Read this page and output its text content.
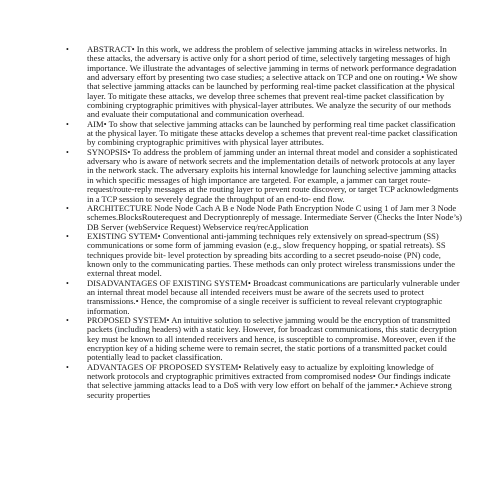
• ABSTRACT• In this work, we address the problem of selective jamming attacks in wireless networks. In these attacks, the adversary is active only for a short period of time, selectively targeting messages of high importance. We illustrate the advantages of selective jamming in terms of network performance degradation and adversary effort by presenting two case studies; a selective attack on TCP and one on routing.• We show that selective jamming attacks can be launched by performing real-time packet classification at the physical layer. To mitigate these attacks, we develop three schemes that prevent real-time packet classification by combining cryptographic primitives with physical-layer attributes. We analyze the security of our methods and evaluate their computational and communication overhead.
• AIM• To show that selective jamming attacks can be launched by performing real time packet classification at the physical layer. To mitigate these attacks develop a schemes that prevent real-time packet classification by combining cryptographic primitives with physical layer attributes.
• SYNOPSIS• To address the problem of jamming under an internal threat model and consider a sophisticated adversary who is aware of network secrets and the implementation details of network protocols at any layer in the network stack. The adversary exploits his internal knowledge for launching selective jamming attacks in which specific messages of high importance are targeted. For example, a jammer can target route-request/route-reply messages at the routing layer to prevent route discovery, or target TCP acknowledgments in a TCP session to severely degrade the throughput of an end-to- end flow.
• ARCHITECTURE Node Node Cach A B e Node Node Path Encryption Node C using 1 of Jam mer 3 Node schemes.BlocksRouterequest and Decryptionreply of message. Intermediate Server (Checks the Inter Node’s) DB Server (webService Request) Webservice req/recApplication
• EXISTING SYTEM• Conventional anti-jamming techniques rely extensively on spread-spectrum (SS) communications or some form of jamming evasion (e.g., slow frequency hopping, or spatial retreats). SS techniques provide bit- level protection by spreading bits according to a secret pseudo-noise (PN) code, known only to the communicating parties. These methods can only protect wireless transmissions under the external threat model.
• DISADVANTAGES OF EXISTING SYSTEM• Broadcast communications are particularly vulnerable under an internal threat model because all intended receivers must be aware of the secrets used to protect transmissions.• Hence, the compromise of a single receiver is sufficient to reveal relevant cryptographic information.
• PROPOSED SYSTEM• An intuitive solution to selective jamming would be the encryption of transmitted packets (including headers) with a static key. However, for broadcast communications, this static decryption key must be known to all intended receivers and hence, is susceptible to compromise. Moreover, even if the encryption key of a hiding scheme were to remain secret, the static portions of a transmitted packet could potentially lead to packet classification.
• ADVANTAGES OF PROPOSED SYSTEM• Relatively easy to actualize by exploiting knowledge of network protocols and cryptographic primitives extracted from compromised nodes• Our findings indicate that selective jamming attacks lead to a DoS with very low effort on behalf of the jammer.• Achieve strong security properties
